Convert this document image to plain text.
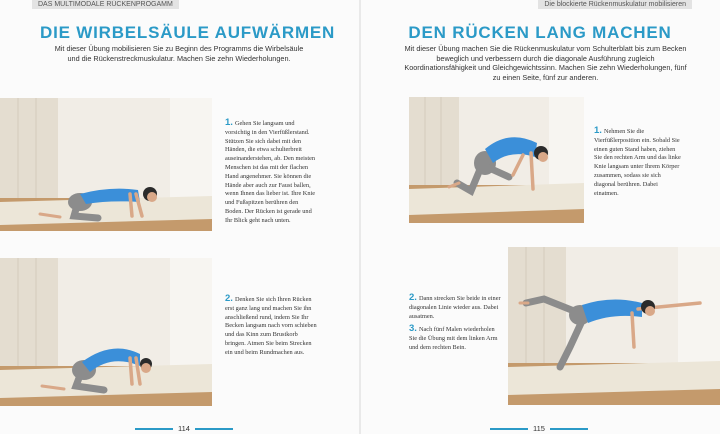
DAS MULTIMODALE RÜCKENPROGAMM	Die blockierte Rückenmuskulatur mobilisieren
DIE WIRBELSÄULE AUFWÄRMEN	DEN RÜCKEN LANG MACHEN
Mit dieser Übung mobilisieren Sie zu Beginn des Programms die Wirbelsäule und die Rückenstreckmuskulatur. Machen Sie zehn Wiederholungen.
Mit dieser Übung machen Sie die Rückenmuskulatur vom Schulterblatt bis zum Becken beweglich und verbessern durch die diagonale Ausführung zugleich Koordinationsfähigkeit und Gleichgewichtssinn. Machen Sie zehn Wiederholungen, fünf zu einen Seite, fünf zur anderen.

1. Gehen Sie langsam und vorsichtig in den Vierfüßlerstand. Stützen Sie sich dabei mit den Händen, die etwa schulterbreit auseinanderstehen, ab. Den meisten Menschen ist das mit der flachen Hand angenehmer. Sie können die Hände aber auch zur Faust ballen, wenn Ihnen das lieber ist. Ihre Knie und Fußspitzen berühren den Boden. Der Rücken ist gerade und Ihr Blick geht nach unten.

2. Denken Sie sich Ihren Rücken erst ganz lang und machen Sie ihn anschließend rund, indem Sie Ihr Becken langsam nach vorn schieben und das Kinn zum Brustkorb bringen. Atmen Sie beim Strecken ein und beim Rundmachen aus.

1. Nehmen Sie die Vierfüßlerposition ein. Sobald Sie einen guten Stand haben, ziehen Sie den rechten Arm und das linke Knie langsam unter Ihrem Körper zusammen, sodass sie sich diagonal berühren. Dabei einatmen.

2. Dann strecken Sie beide in einer diagonalen Linie wieder aus. Dabei ausatmen.

3. Nach fünf Malen wiederholen Sie die Übung mit dem linken Arm und dem rechten Bein.

114	115
